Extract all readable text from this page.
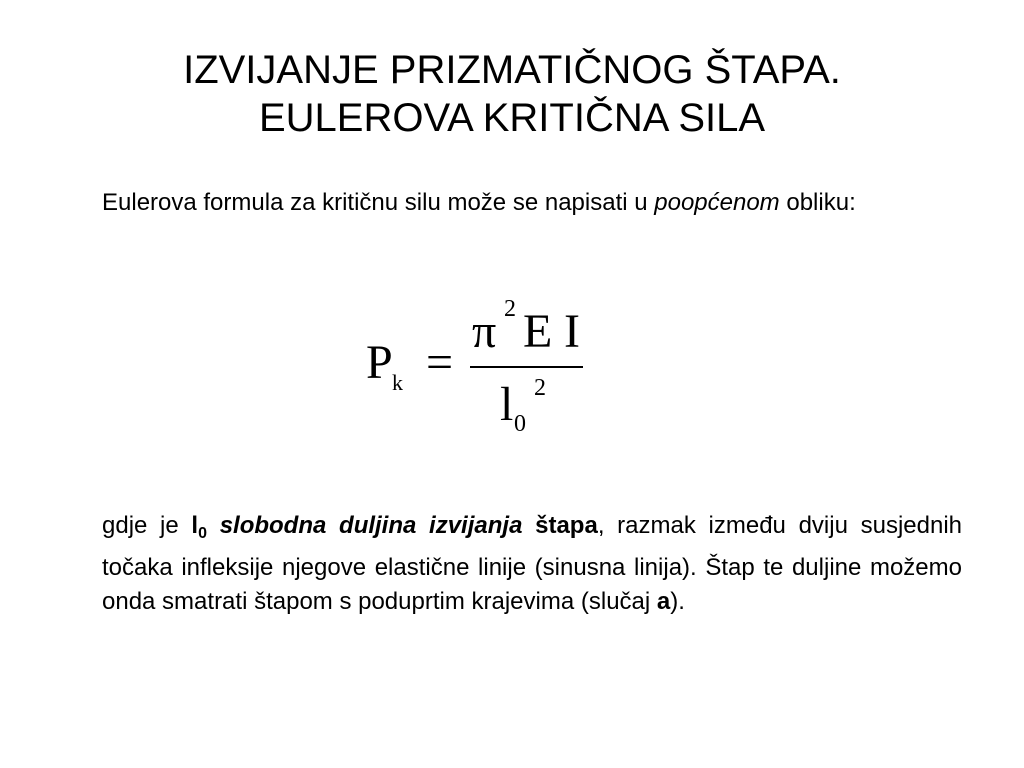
IZVIJANJE PRIZMATIČNOG ŠTAPA.
EULEROVA KRITIČNA SILA

Eulerova formula za kritičnu silu može se napisati u poopćenom obliku:

P k =
π 2 E I
l 0
2

gdje je $l_0$ slobodna duljina izvijanja štapa, razmak između dviju susjednih točaka infleksije njegove elastične linije (sinusna linija). Štap te duljine možemo onda smatrati štapom s poduprtim krajevima (slučaj a).
